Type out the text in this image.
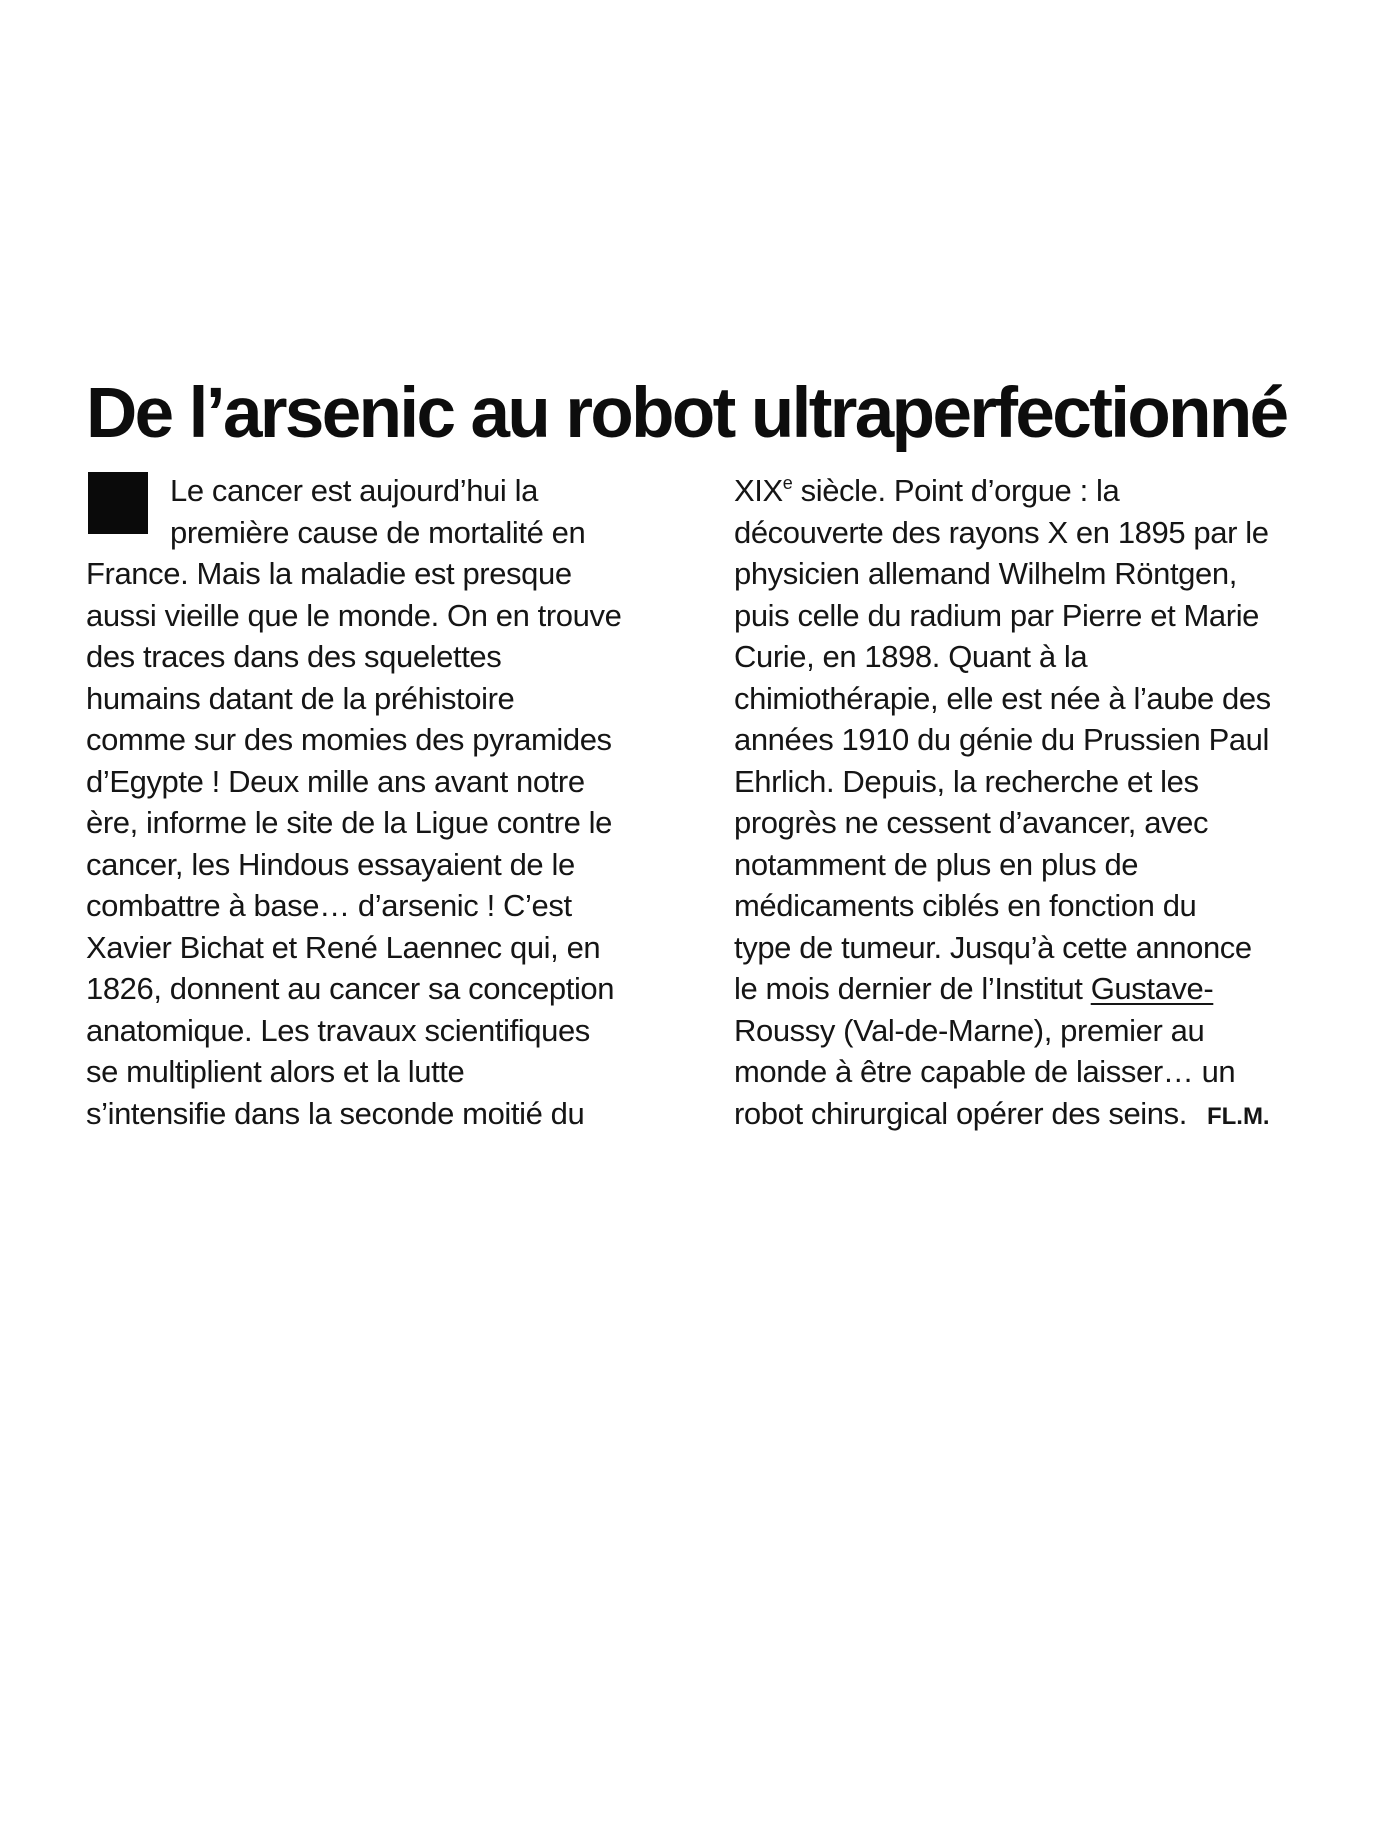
De l’arsenic au robot ultraperfectionné
Le cancer est aujourd’hui la
première cause de mortalité en
France. Mais la maladie est presque
aussi vieille que le monde. On en trouve
des traces dans des squelettes
humains datant de la préhistoire
comme sur des momies des pyramides
d’Egypte ! Deux mille ans avant notre
ère, informe le site de la Ligue contre le
cancer, les Hindous essayaient de le
combattre à base… d’arsenic ! C’est
Xavier Bichat et René Laennec qui, en
1826, donnent au cancer sa conception
anatomique. Les travaux scientifiques
se multiplient alors et la lutte
s’intensifie dans la seconde moitié du
XIXe siècle. Point d’orgue : la
découverte des rayons X en 1895 par le
physicien allemand Wilhelm Röntgen,
puis celle du radium par Pierre et Marie
Curie, en 1898. Quant à la
chimiothérapie, elle est née à l’aube des
années 1910 du génie du Prussien Paul
Ehrlich. Depuis, la recherche et les
progrès ne cessent d’avancer, avec
notamment de plus en plus de
médicaments ciblés en fonction du
type de tumeur. Jusqu’à cette annonce
le mois dernier de l’Institut Gustave-
Roussy (Val-de-Marne), premier au
monde à être capable de laisser… un
robot chirurgical opérer des seins. FL.M.
